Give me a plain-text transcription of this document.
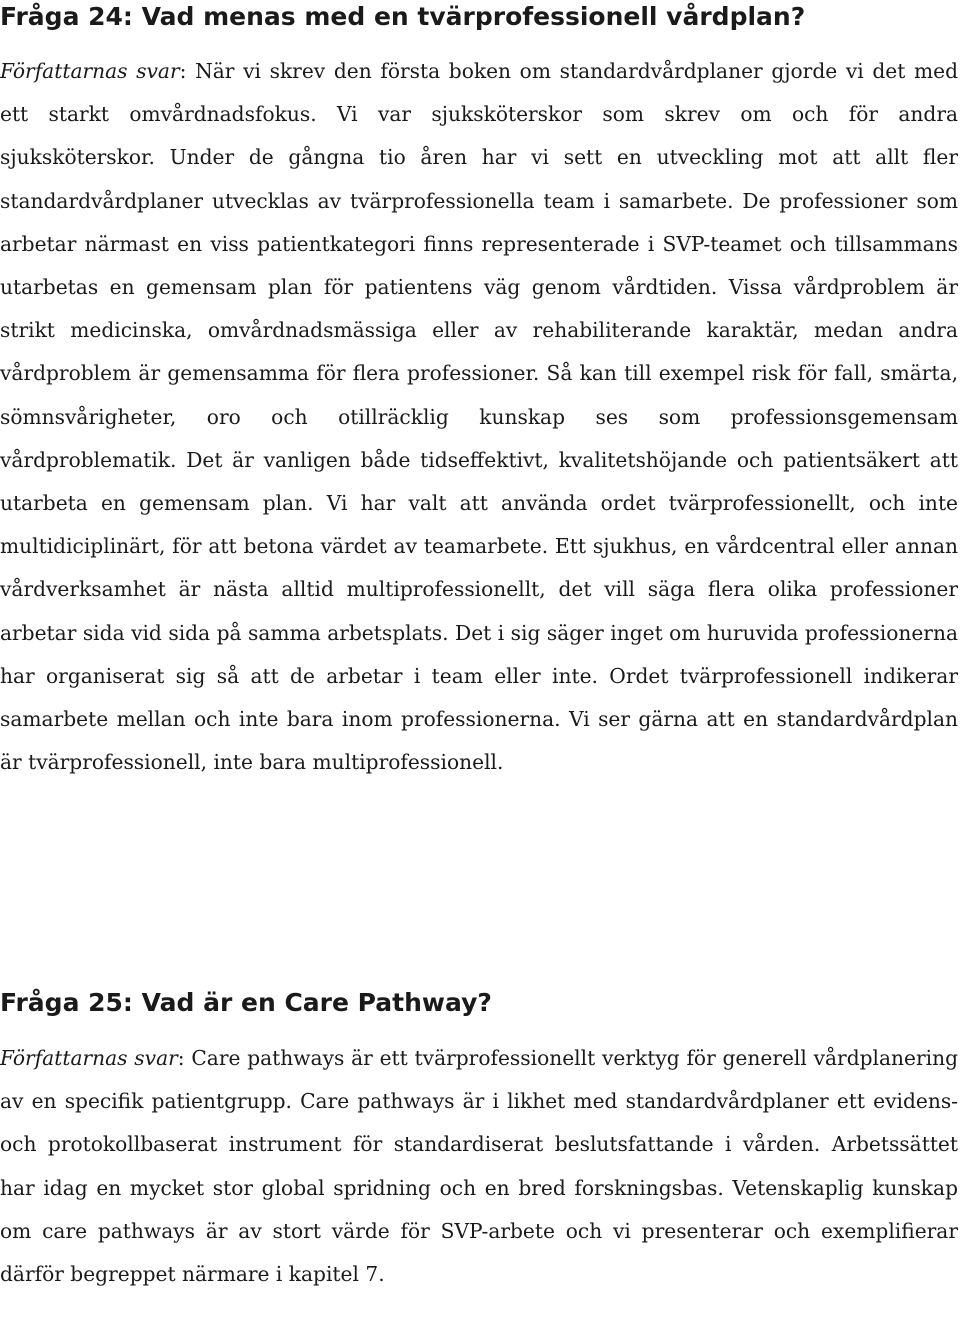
Fråga 24: Vad menas med en tvärprofessionell vårdplan?

Författarnas svar: När vi skrev den första boken om standardvårdplaner gjorde vi det med ett starkt omvårdnadsfokus. Vi var sjuksköterskor som skrev om och för andra sjuksköterskor. Under de gångna tio åren har vi sett en utveckling mot att allt fler standardvårdplaner utvecklas av tvärprofessionella team i samarbete. De professioner som arbetar närmast en viss patientkategori finns representerade i SVP-teamet och tillsammans utarbetas en gemensam plan för patientens väg genom vårdtiden. Vissa vårdproblem är strikt medicinska, omvårdnadsmässiga eller av rehabiliterande karaktär, medan andra vårdproblem är gemensamma för flera professioner. Så kan till exempel risk för fall, smärta, sömnsvårigheter, oro och otillräcklig kunskap ses som professionsgemensam vårdproblematik. Det är vanligen både tidseffektivt, kvalitetshöjande och patientsäkert att utarbeta en gemensam plan. Vi har valt att använda ordet tvärprofessionellt, och inte multidiciplinärt, för att betona värdet av teamarbete. Ett sjukhus, en vårdcentral eller annan vårdverksamhet är nästa alltid multiprofessionellt, det vill säga flera olika professioner arbetar sida vid sida på samma arbetsplats. Det i sig säger inget om huruvida professionerna har organiserat sig så att de arbetar i team eller inte. Ordet tvärprofessionell indikerar samarbete mellan och inte bara inom professionerna. Vi ser gärna att en standardvårdplan är tvärprofessionell, inte bara multiprofessionell.

Fråga 25: Vad är en Care Pathway?

Författarnas svar: Care pathways är ett tvärprofessionellt verktyg för generell vårdplanering av en specifik patientgrupp. Care pathways är i likhet med standardvårdplaner ett evidens- och protokollbaserat instrument för standardiserat beslutsfattande i vården. Arbetssättet har idag en mycket stor global spridning och en bred forskningsbas. Vetenskaplig kunskap om care pathways är av stort värde för SVP-arbete och vi presenterar och exemplifierar därför begreppet närmare i kapitel 7.
